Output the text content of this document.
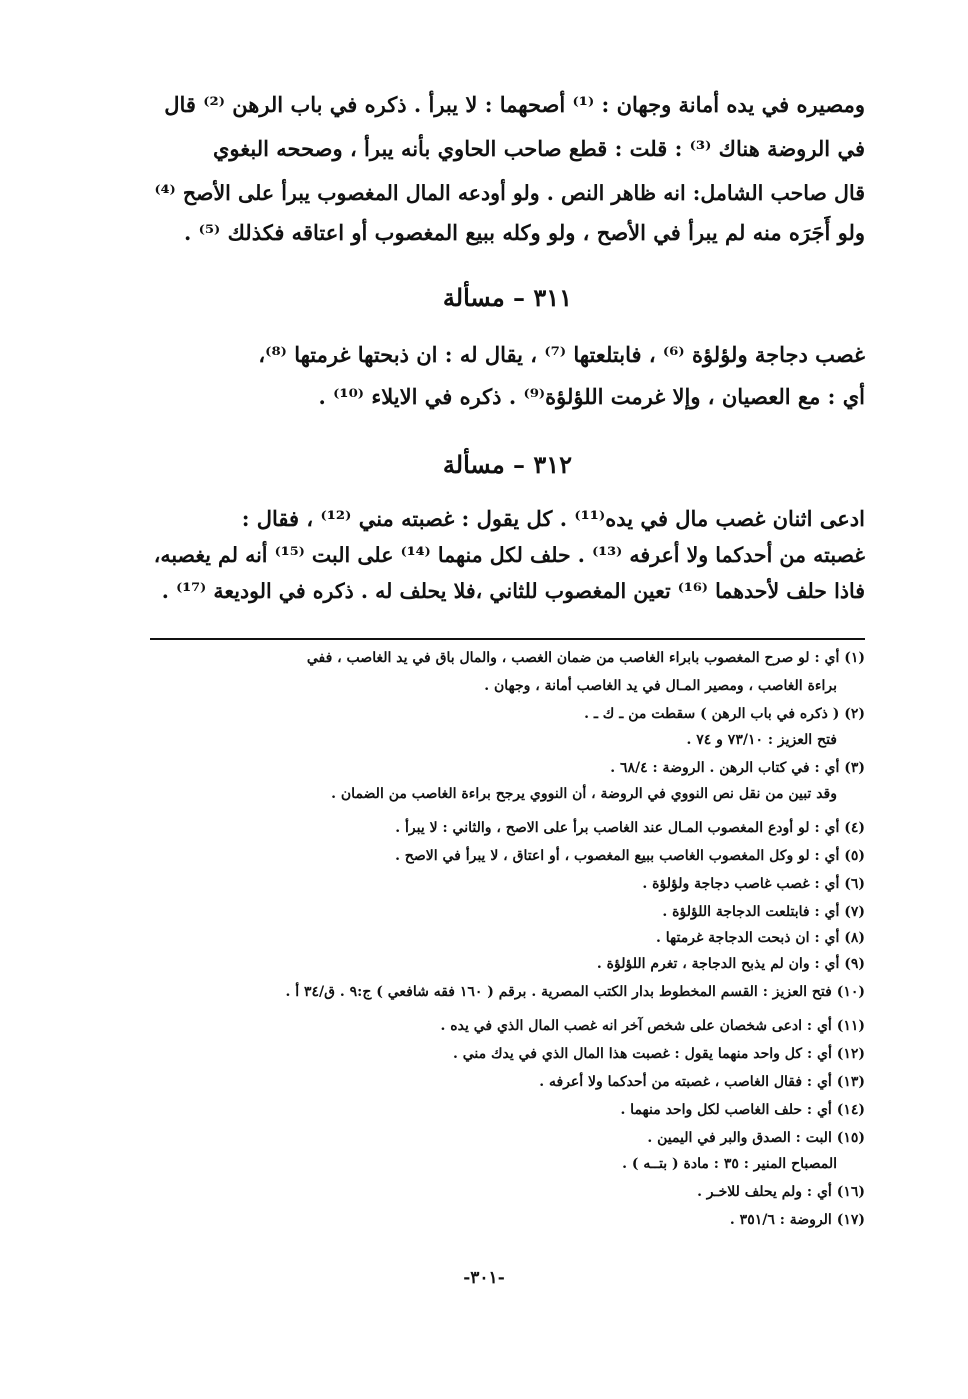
ومصيره في يده أمانة وجهان : ⁽¹⁾ أصحهما : لا يبرأ . ذكره في باب الرهن ⁽²⁾ قال
في الروضة هناك ⁽³⁾ : قلت : قطع صاحب الحاوي بأنه يبرأ ، وصححه البغوي
قال صاحب الشامل: انه ظاهر النص . ولو أودعه المال المغصوب يبرأ على الأصح ⁽⁴⁾
ولو أَجَرَه منه لم يبرأ في الأصح ، ولو وكله ببيع المغصوب أو اعتاقه فكذلك ⁽⁵⁾ .
٣١١ – مسألة
غصب دجاجة ولؤلؤة ⁽⁶⁾ ، فابتلعتها ⁽⁷⁾ ، يقال له : ان ذبحتها غرمتها ⁽⁸⁾،
أي : مع العصيان ، وإلا غرمت اللؤلؤة⁽⁹⁾ . ذكره في الايلاء ⁽¹⁰⁾ .
٣١٢ – مسألة
ادعى اثنان غصب مال في يده⁽¹¹⁾ . كل يقول : غصبته مني ⁽¹²⁾ ، فقال :
غصبته من أحدكما ولا أعرفه ⁽¹³⁾ . حلف لكل منهما ⁽¹⁴⁾ على البت ⁽¹⁵⁾ أنه لم يغصبه،
فاذا حلف لأحدهما ⁽¹⁶⁾ تعين المغصوب للثاني ،فلا يحلف له . ذكره في الوديعة ⁽¹⁷⁾ .
(١) أي : لو صرح المغصوب بابراء الغاصب من ضمان الغصب ، والمال باق في يد الغاصب ، ففي
براءة الغاصب ، ومصير المـال في يد الغاصب أمانة ، وجهان .
(٢) ( ذكره في باب الرهن ) سقطت من ـ ك ـ .
فتح العزيز : ٧٣/١٠ و ٧٤ .
(٣) أي : في كتاب الرهن . الروضة : ٦٨/٤ .
وقد تبين من نقل نص النووي في الروضة ، أن النووي يرجح براءة الغاصب من الضمان .
(٤) أي : لو أودع المغصوب المـال عند الغاصب برأ على الاصح ، والثاني : لا يبرأ .
(٥) أي : لو وكل المغصوب الغاصب ببيع المغصوب ، أو اعتاق ، لا يبرأ في الاصح .
(٦) أي : غصب غاصب دجاجة ولؤلؤة .
(٧) أي : فابتلعت الدجاجة اللؤلؤة .
(٨) أي : ان ذبحت الدجاجة غرمتها .
(٩) أي : وان لم يذبح الدجاجة ، تغرم اللؤلؤة .
(١٠) فتح العزيز : القسم المخطوط بدار الكتب المصرية . برقم ( ١٦٠ فقه شافعي ) ج:٩ . ق/٣٤ أ .
(١١) أي : ادعى شخصان على شخص آخر انه غصب المال الذي في يده .
(١٢) أي : كل واحد منهما يقول : غصبت هذا المال الذي في يدك مني .
(١٣) أي : فقال الغاصب ، غصبته من أحدكما ولا أعرفه .
(١٤) أي : حلف الغاصب لكل واحد منهما .
(١٥) البت : الصدق والبر في اليمين .
المصباح المنير : ٣٥ : مادة ( بتــه ) .
(١٦) أي : ولم يحلف للاخـر .
(١٧) الروضة : ٣٥١/٦ .
-٣٠١-
